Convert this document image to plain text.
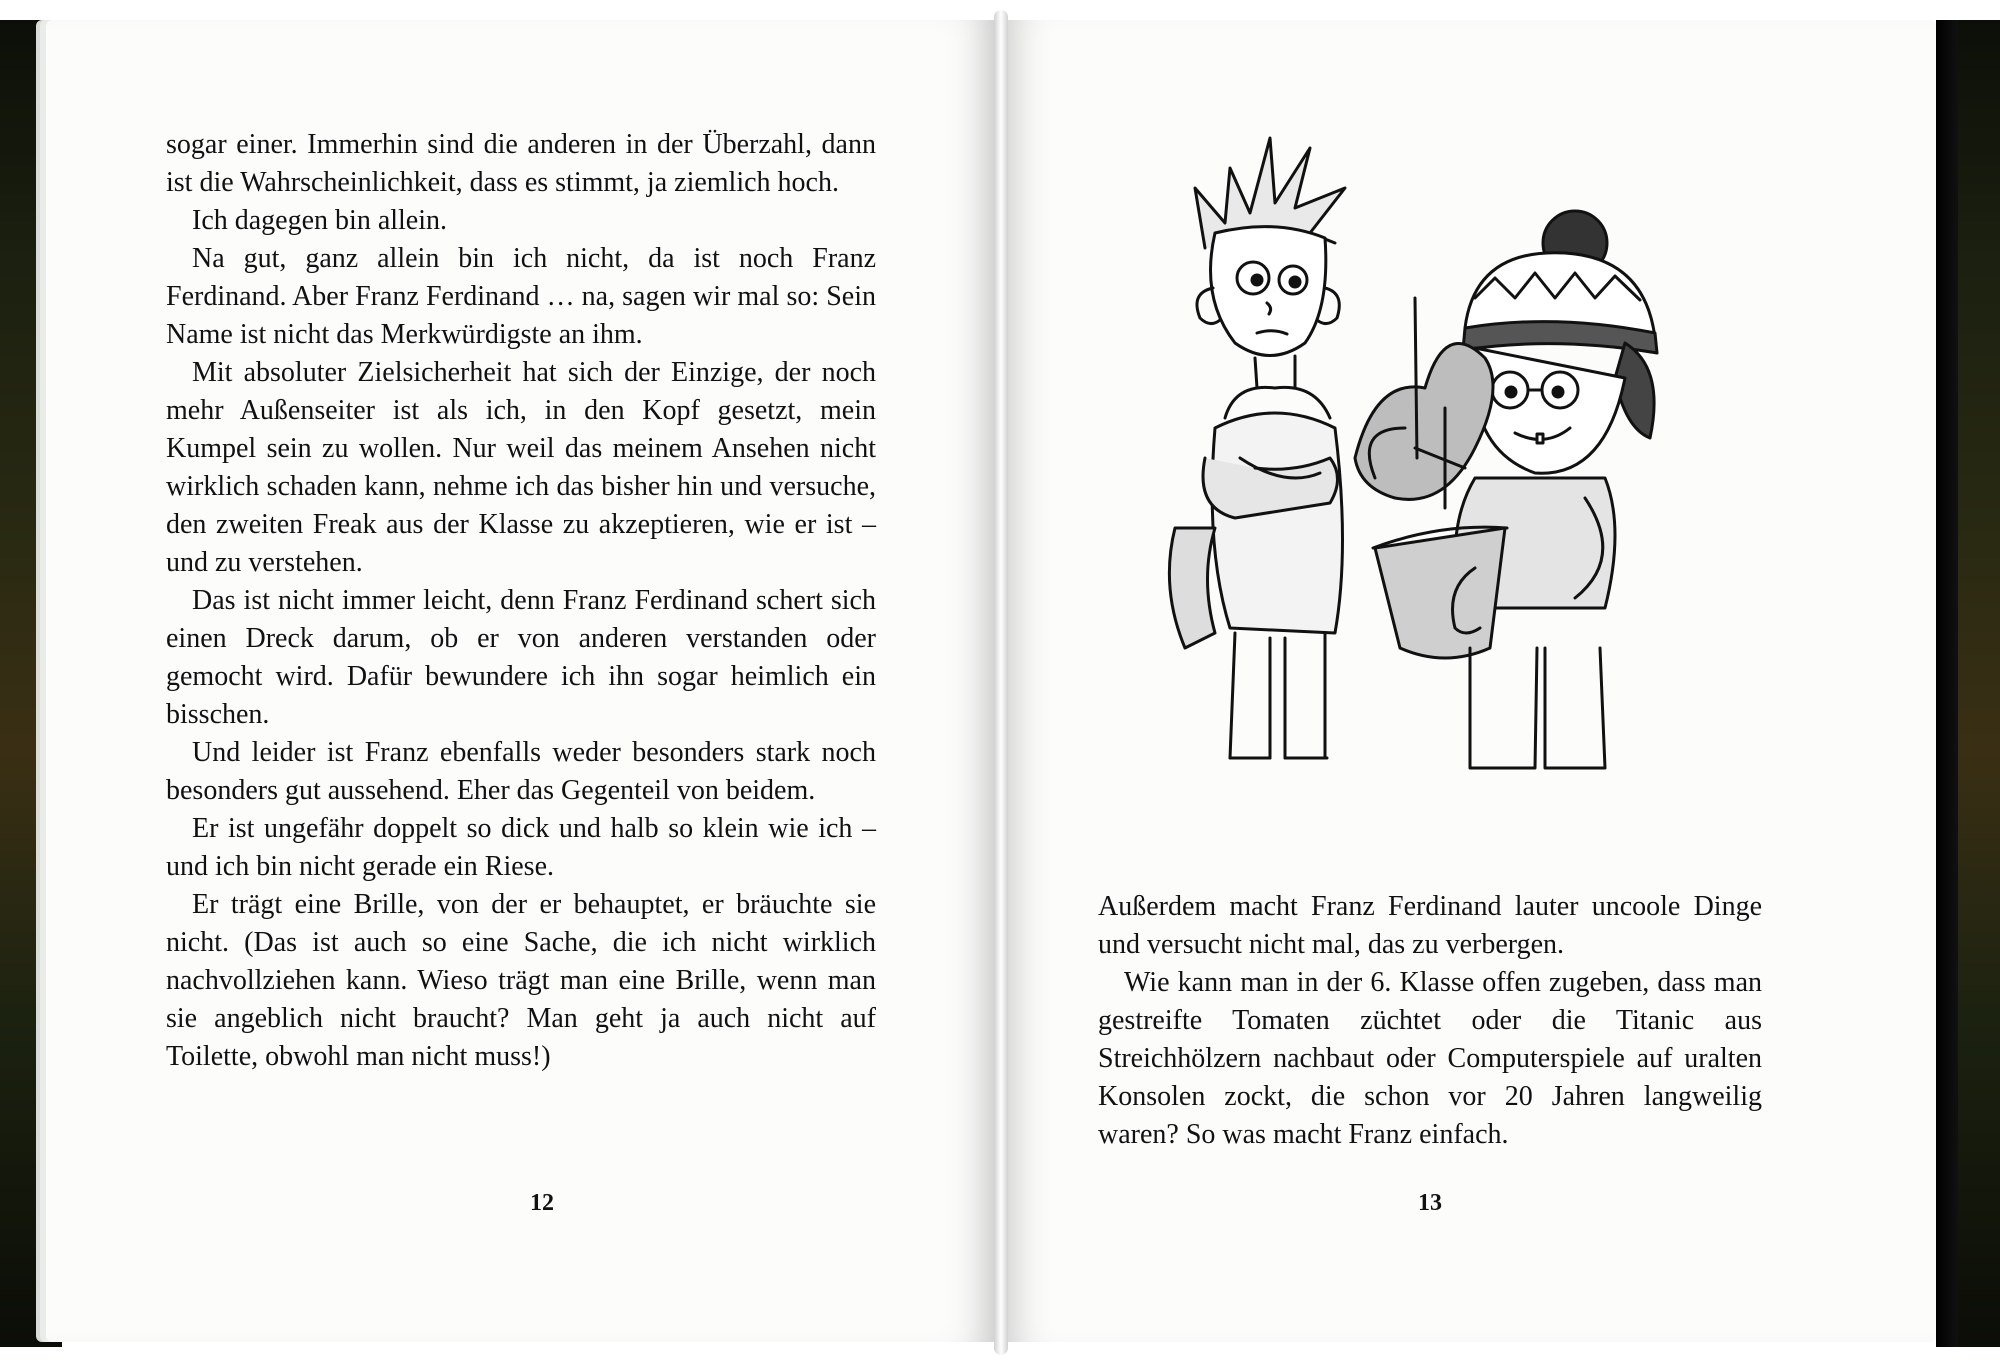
sogar einer. Immerhin sind die anderen in der Überzahl, dann ist die Wahrscheinlichkeit, dass es stimmt, ja ziemlich hoch.

Ich dagegen bin allein.

Na gut, ganz allein bin ich nicht, da ist noch Franz Ferdinand. Aber Franz Ferdinand … na, sagen wir mal so: Sein Name ist nicht das Merkwürdigste an ihm.

Mit absoluter Zielsicherheit hat sich der Einzige, der noch mehr Außenseiter ist als ich, in den Kopf gesetzt, mein Kumpel sein zu wollen. Nur weil das meinem Ansehen nicht wirklich schaden kann, nehme ich das bisher hin und versuche, den zweiten Freak aus der Klasse zu akzeptieren, wie er ist – und zu verstehen.

Das ist nicht immer leicht, denn Franz Ferdinand schert sich einen Dreck darum, ob er von anderen verstanden oder gemocht wird. Dafür bewundere ich ihn sogar heimlich ein bisschen.

Und leider ist Franz ebenfalls weder besonders stark noch besonders gut aussehend. Eher das Gegenteil von beidem.

Er ist ungefähr doppelt so dick und halb so klein wie ich – und ich bin nicht gerade ein Riese.

Er trägt eine Brille, von der er behauptet, er bräuchte sie nicht. (Das ist auch so eine Sache, die ich nicht wirklich nachvollziehen kann. Wieso trägt man eine Brille, wenn man sie angeblich nicht braucht? Man geht ja auch nicht auf Toilette, obwohl man nicht muss!)

12

Außerdem macht Franz Ferdinand lauter uncoole Dinge und versucht nicht mal, das zu verbergen.

Wie kann man in der 6. Klasse offen zugeben, dass man gestreifte Tomaten züchtet oder die Titanic aus Streichhölzern nachbaut oder Computerspiele auf uralten Konsolen zockt, die schon vor 20 Jahren langweilig waren? So was macht Franz einfach.

13
